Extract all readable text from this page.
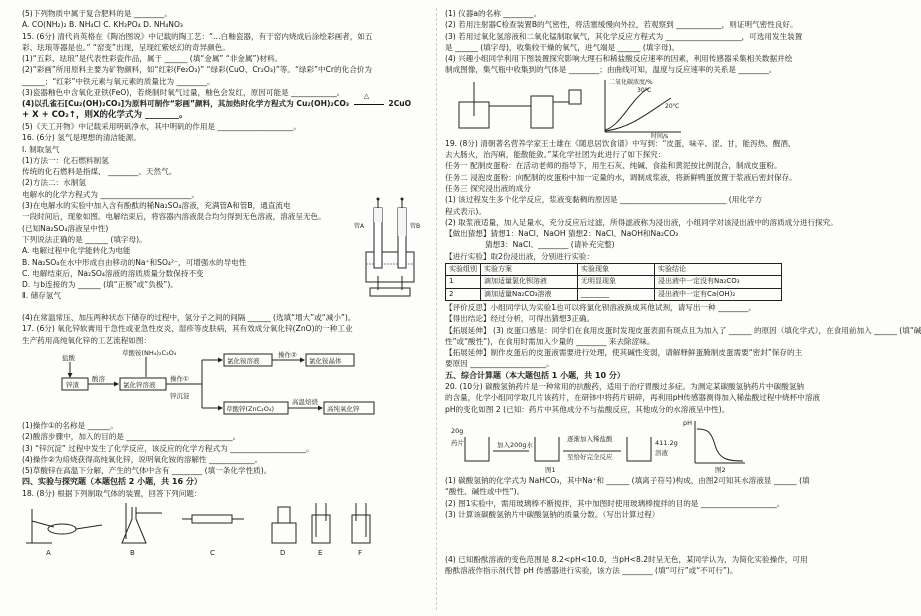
(5)下列物质中属于复合肥料的是 ________。
A. CO(NH₂)₂ B. NH₄Cl C. KH₂PO₄ D. NH₄NO₃
15. (6分) 清代肖英格在《陶冶图说》中记载的陶工艺：“…白釉瓷器，有于窑内烧成后涂绘彩画者，如五
彩、珐琅等器是也。” “窑变”出现，呈现红紫炫幻的奇异颜色。
(1)“五彩、珐琅”是代表性彩瓷作品，属于 ______ (填“金属” “非金属”)材料。
(2)“彩画”所用原料主要为矿物颜料，如“红彩(Fe₂O₃)” “绿彩(CuO、Cr₂O₃)”等。“绿彩”中Cr的化合价为
______；“红彩”中铁元素与氧元素的质量比为 ________。
(3)瓷器釉色中含氧化亚铁(FeO)，若烧制时氧气过量，釉色会发红，原因可能是 ____________。
(4)以孔雀石[Cu₂(OH)₂CO₃]为原料可制作“彩画”颜料，其加热时化学方程式为 Cu₂(OH)₂CO₃
△
2CuO
+ X + CO₂↑，则X的化学式为 ________。
(5)《天工开物》中记载采用明矾净水，其中明矾的作用是 ____________________。
16. (6分) 氢气是理想的清洁能源。
Ⅰ. 制取氢气
(1)方法一：化石燃料制氢
传统的化石燃料是指煤、 ________、天然气。
(2)方法二：水制氢
电解水的化学方程式为 ________________________。
(3)在电解水的实验中加入含有酚酞的稀Na₂SO₄溶液，充满管A和管B，通直流电
一段时间后，现象如图。电解结束后，将容器内溶液混合均匀得到无色溶液，溶液呈无色。
(已知Na₂SO₄溶液呈中性)
下列说法正确的是 ______ (填字母)。
A. 电解过程中化学能转化为电能
B. Na₂SO₄在水中形成自由移动的Na⁺和SO₄²⁻，可增强水的导电性
C. 电解结束后，Na₂SO₄溶液的溶质质量分数保持不变
D. 与b连接的为 ______ (填“正极”或“负极”)。
Ⅱ. 储存氢气
管A	管B
(4)在常温常压、加压两种状态下储存的过程中，氢分子之间的间隔 ______ (选填“增大”或“减小”)。
17. (6分) 氧化锌软膏用于急性或亚急性皮炎、湿疹等皮肤病，其有效成分氧化锌(ZnO)的一种工业
生产药用高纯氧化锌的工艺流程如图：
锌渣
盐酸
酸溶
氯化锌溶液
草酸铵(NH₄)₂C₂O₄
操作①
锌沉淀
氯化铵溶液
操作②
氯化铵晶体
草酸锌(ZnC₂O₄)
高温焙烧
高纯氧化锌
(1)操作①的名称是 ______。
(2)酸溶步骤中，加入的目的是 ____________________________。
(3) “锌沉淀” 过程中发生了化学反应，该反应的化学方程式为 ____________________。
(4)操作②为焙烧获得高纯氧化锌，说明氧化铵的溶解性 ____________。
(5)草酸锌在高温下分解，产生的气体中含有 ________ (填一条化学性质)。
四、实验与探究题（本题包括 2 小题，共 16 分）
18. (8分) 根据下列制取气体的装置，回答下列问题：
A	B	C	D	E	F
(1) 仪器a的名称 ________。
(2) 若用注射器C检查装置B的气密性，将活塞缓慢向外拉，若观察到 ____________，则证明气密性良好。
(3) 若用过氧化氢溶液和二氧化锰制取氧气，其化学反应方程式为 ____________________，可选用发生装置
是 ______ (填字母)，收集较干燥的氧气，进气端是 ______ (填字母)。
(4) 兴趣小组同学利用下图装置探究影响大理石和稀盐酸反应速率的因素，利用传感器采集相关数据并绘
制成图像，集气瓶中收集到的气体是 ________；由曲线可知，温度与反应速率的关系是 ________。
二氧化碳浓度/%
时间/s
30℃
20℃
19. (8分) 清朝著名营养学家王士雄在《随息居饮食谱》中写到：“皮蛋，味辛、涩、甘，能泻热、醒酒、
去大肠火，治泻痢，能散能敛。”某化学社团为此进行了如下探究：
任务一 配制皮蛋粉：在活动老师的指导下，用生石灰、纯碱、食盐和黄泥按比例混合，制成皮蛋粉。
任务二 浸泡皮蛋粉：向配制的皮蛋粉中加一定量的水，调制成浆液，将新鲜鸭蛋放置于浆液后密封保存。
任务三 探究浸出液的成分
(1) 该过程发生多个化学反应，浆液变黏稠的原因是 ____________________________ (用化学方
程式表示)。
(2) 取浆液适量，加入足量水，充分反应后过滤，所得滤液称为浸出液，小组同学对该浸出液中的溶质成分进行探究。
【做出猜想】猜想1：NaCl、NaOH 猜想2：NaCl、NaOH和Na₂CO₃
猜想3：NaCl、________ (请补充完整)
【进行实验】取2份浸出液，分别进行实验：
实验组别	实验方案	实验现象	实验结论
1	滴加适量氯化钡溶液	无明显现象	浸出液中一定没有Na₂CO₃
2	滴加适量Na₂CO₃溶液	________	浸出液中一定有Ca(OH)₂
【评价反思】小组同学认为实验1也可以将氯化钡溶液换成其他试剂，请写出一种 ________。
【得出结论】经过分析，可得出猜想3正确。
【拓展延伸】 (3) 皮蛋口感是：同学们在食用皮蛋时发现皮蛋表面有斑点且为加入了 ______ 的原因（填化学式），在食用前加入 ______ (填“碱
性”或“酸性”)，在食用时需加入少量的 ________ 来去除涩味。
【拓展延伸】制作皮蛋后的皮蛋液需要进行处理，使其碱性变弱，请解释鲜蛋腌制皮蛋需要“密封”保存的主
要原因 ____________________。
五、综合计算题（本大题包括 1 小题，共 10 分）
20. (10分) 碳酸氢钠药片是一种常用的抗酸药，适用于治疗胃酸过多症。为测定某碳酸氢钠药片中碳酸氢钠
的含量，化学小组同学取几片该药片，在研钵中将药片研碎，再利用pH传感器测得加入稀盐酸过程中烧杯中溶液
pH的变化如图 2 (已知：药片中其他成分不与盐酸反应，其他成分的水溶液呈中性)。
20g
药片	加入200g水
逐渐加入稀盐酸
至恰好完全反应
411.2g
溶液
图1	图2
pH
(1) 碳酸氢钠的化学式为 NaHCO₃，其中Na⁺和 ______ (填离子符号)构成，由图2可知其水溶液显 ______ (填
“酸性、碱性或中性”)。
(2) 图1实验中，需用玻璃棒不断搅拌，其中加图时使用玻璃棒搅拌的目的是 ____________________。
(3) 计算该碳酸氢钠片中碳酸氢钠的质量分数。（写出计算过程）
(4) 已知酚酞溶液的变色范围是 8.2<pH<10.0，当pH<8.2时呈无色，某同学认为，为简化实验操作，可用
酚酞溶液作指示剂代替 pH 传感器进行实验，该方法 ________ (填“可行”或“不可行”)。
